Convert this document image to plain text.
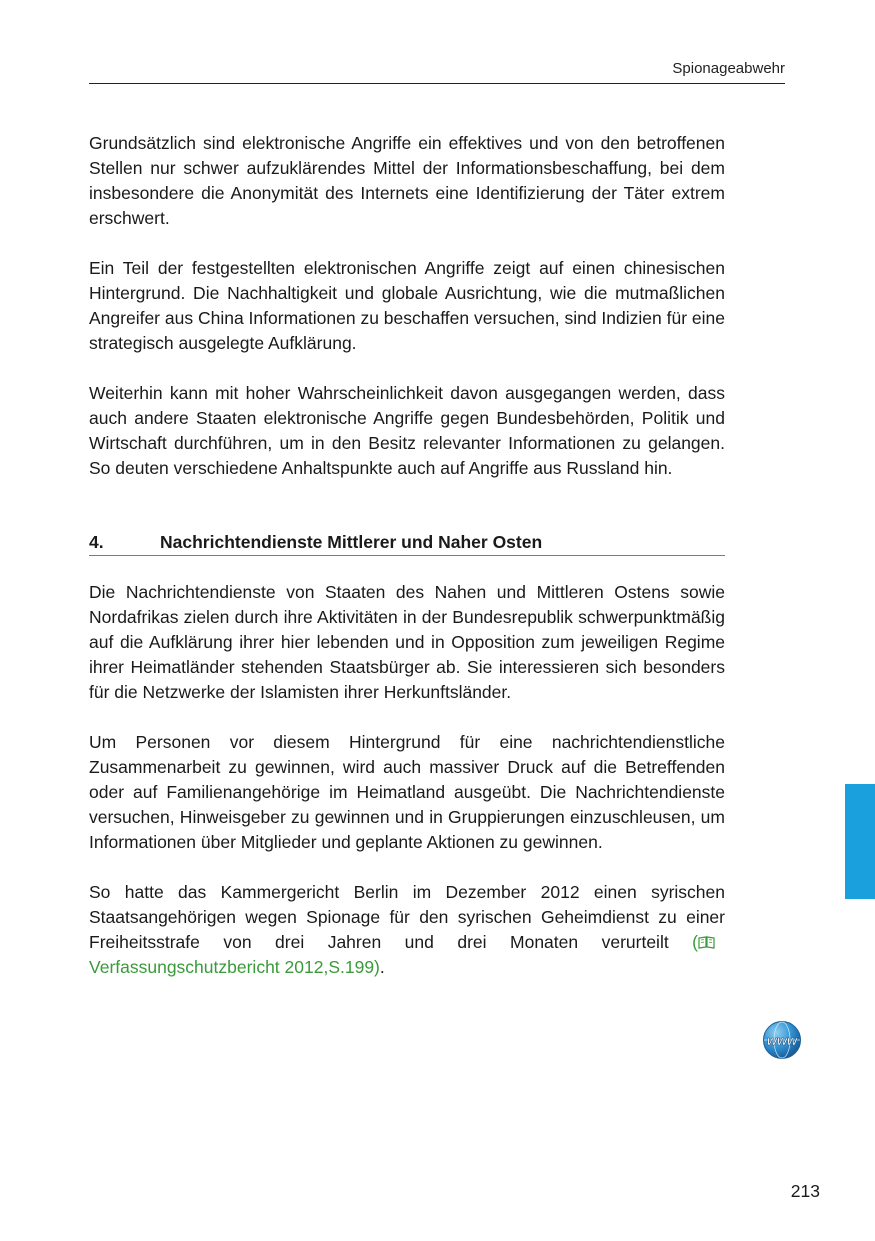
Spionageabwehr

Grundsätzlich sind elektronische Angriffe ein effektives und von den betroffenen Stellen nur schwer aufzuklärendes Mittel der Informationsbeschaffung, bei dem insbesondere die Anonymität des Internets eine Identifizierung der Täter extrem erschwert.

Ein Teil der festgestellten elektronischen Angriffe zeigt auf einen chinesischen Hintergrund. Die Nachhaltigkeit und globale Ausrichtung, wie die mutmaßlichen Angreifer aus China Informationen zu beschaffen versuchen, sind Indizien für eine strategisch ausgelegte Aufklärung.

Weiterhin kann mit hoher Wahrscheinlichkeit davon ausgegangen werden, dass auch andere Staaten elektronische Angriffe gegen Bundesbehörden, Politik und Wirtschaft durchführen, um in den Besitz relevanter Informationen zu gelangen. So deuten verschiedene Anhaltspunkte auch auf Angriffe aus Russland hin.

4.	Nachrichtendienste Mittlerer und Naher Osten

Die Nachrichtendienste von Staaten des Nahen und Mittleren Ostens sowie Nordafrikas zielen durch ihre Aktivitäten in der Bundesrepublik schwerpunktmäßig auf die Aufklärung ihrer hier lebenden und in Opposition zum jeweiligen Regime ihrer Heimatländer stehenden Staatsbürger ab. Sie interessieren sich besonders für die Netzwerke der Islamisten ihrer Herkunftsländer.

Um Personen vor diesem Hintergrund für eine nachrichtendienstliche Zusammenarbeit zu gewinnen, wird auch massiver Druck auf die Betreffenden oder auf Familienangehörige im Heimatland ausgeübt. Die Nachrichtendienste versuchen, Hinweisgeber zu gewinnen und in Gruppierungen einzuschleusen, um Informationen über Mitglieder und geplante Aktionen zu gewinnen.

So hatte das Kammergericht Berlin im Dezember 2012 einen syrischen Staatsangehörigen wegen Spionage für den syrischen Geheimdienst zu einer Freiheitsstrafe von drei Jahren und drei Monaten verurteilt (Verfassungschutzbericht 2012,S.199).

www
213
